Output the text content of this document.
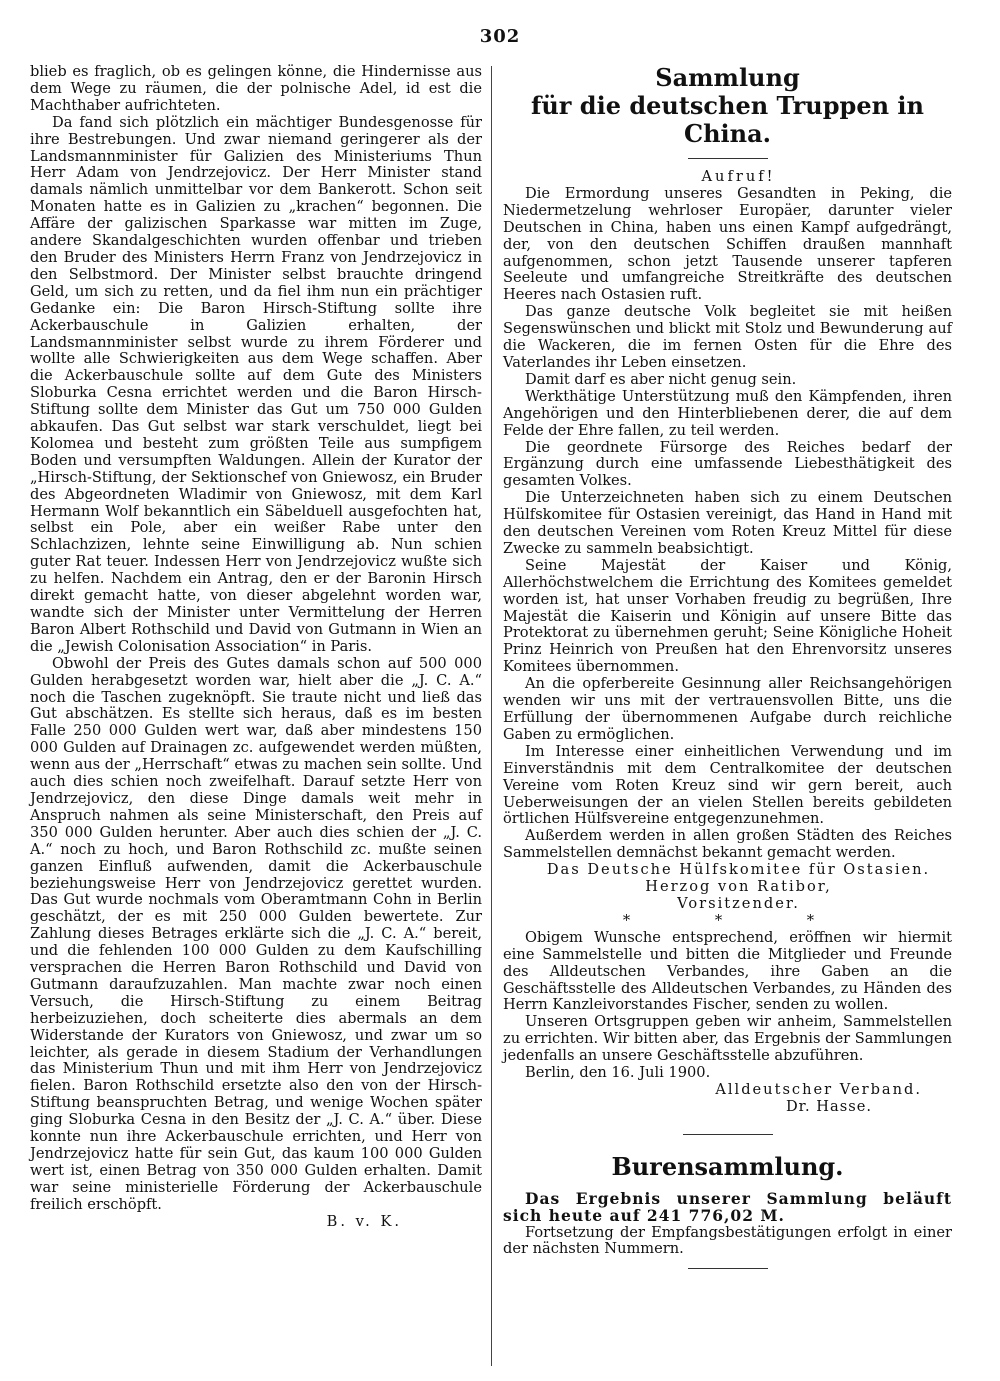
302

blieb es fraglich, ob es gelingen könne, die Hindernisse aus dem Wege zu räumen, die der polnische Adel, id est die Machthaber aufrichteten.

Da fand sich plötzlich ein mächtiger Bundesgenosse für ihre Bestrebungen. Und zwar niemand geringerer als der Landsmannminister für Galizien des Ministeriums Thun Herr Adam von Jendrzejovicz. Der Herr Minister stand damals nämlich unmittelbar vor dem Bankerott. Schon seit Monaten hatte es in Galizien zu „krachen“ begonnen. Die Affäre der galizischen Sparkasse war mitten im Zuge, andere Skandalgeschichten wurden offenbar und trieben den Bruder des Ministers Herrn Franz von Jendrzejovicz in den Selbstmord. Der Minister selbst brauchte dringend Geld, um sich zu retten, und da fiel ihm nun ein prächtiger Gedanke ein: Die Baron Hirsch-Stiftung sollte ihre Ackerbauschule in Galizien erhalten, der Landsmannminister selbst wurde zu ihrem Förderer und wollte alle Schwierigkeiten aus dem Wege schaffen. Aber die Ackerbauschule sollte auf dem Gute des Ministers Sloburka Cesna errichtet werden und die Baron Hirsch-Stiftung sollte dem Minister das Gut um 750 000 Gulden abkaufen. Das Gut selbst war stark verschuldet, liegt bei Kolomea und besteht zum größten Teile aus sumpfigem Boden und versumpften Waldungen. Allein der Kurator der „Hirsch-Stiftung, der Sektionschef von Gniewosz, ein Bruder des Abgeordneten Wladimir von Gniewosz, mit dem Karl Hermann Wolf bekanntlich ein Säbelduell ausgefochten hat, selbst ein Pole, aber ein weißer Rabe unter den Schlachzizen, lehnte seine Einwilligung ab. Nun schien guter Rat teuer. Indessen Herr von Jendrzejovicz wußte sich zu helfen. Nachdem ein Antrag, den er der Baronin Hirsch direkt gemacht hatte, von dieser abgelehnt worden war, wandte sich der Minister unter Vermittelung der Herren Baron Albert Rothschild und David von Gutmann in Wien an die „Jewish Colonisation Association“ in Paris.

Obwohl der Preis des Gutes damals schon auf 500 000 Gulden herabgesetzt worden war, hielt aber die „J. C. A.“ noch die Taschen zugeknöpft. Sie traute nicht und ließ das Gut abschätzen. Es stellte sich heraus, daß es im besten Falle 250 000 Gulden wert war, daß aber mindestens 150 000 Gulden auf Drainagen zc. aufgewendet werden müßten, wenn aus der „Herrschaft“ etwas zu machen sein sollte. Und auch dies schien noch zweifelhaft. Darauf setzte Herr von Jendrzejovicz, den diese Dinge damals weit mehr in Anspruch nahmen als seine Ministerschaft, den Preis auf 350 000 Gulden herunter. Aber auch dies schien der „J. C. A.“ noch zu hoch, und Baron Rothschild zc. mußte seinen ganzen Einfluß aufwenden, damit die Ackerbauschule beziehungsweise Herr von Jendrzejovicz gerettet wurden. Das Gut wurde nochmals vom Oberamtmann Cohn in Berlin geschätzt, der es mit 250 000 Gulden bewertete. Zur Zahlung dieses Betrages erklärte sich die „J. C. A.“ bereit, und die fehlenden 100 000 Gulden zu dem Kaufschilling versprachen die Herren Baron Rothschild und David von Gutmann daraufzuzahlen. Man machte zwar noch einen Versuch, die Hirsch-Stiftung zu einem Beitrag herbeizuziehen, doch scheiterte dies abermals an dem Widerstande der Kurators von Gniewosz, und zwar um so leichter, als gerade in diesem Stadium der Verhandlungen das Ministerium Thun und mit ihm Herr von Jendrzejovicz fielen. Baron Rothschild ersetzte also den von der Hirsch-Stiftung beanspruchten Betrag, und wenige Wochen später ging Sloburka Cesna in den Besitz der „J. C. A.“ über. Diese konnte nun ihre Ackerbauschule errichten, und Herr von Jendrzejovicz hatte für sein Gut, das kaum 100 000 Gulden wert ist, einen Betrag von 350 000 Gulden erhalten. Damit war seine ministerielle Förderung der Ackerbauschule freilich erschöpft.

B. v. K.

Sammlung
für die deutschen Truppen in China.

Aufruf!

Die Ermordung unseres Gesandten in Peking, die Niedermetzelung wehrloser Europäer, darunter vieler Deutschen in China, haben uns einen Kampf aufgedrängt, der, von den deutschen Schiffen draußen mannhaft aufgenommen, schon jetzt Tausende unserer tapferen Seeleute und umfangreiche Streitkräfte des deutschen Heeres nach Ostasien ruft.

Das ganze deutsche Volk begleitet sie mit heißen Segenswünschen und blickt mit Stolz und Bewunderung auf die Wackeren, die im fernen Osten für die Ehre des Vaterlandes ihr Leben einsetzen.

Damit darf es aber nicht genug sein.

Werkthätige Unterstützung muß den Kämpfenden, ihren Angehörigen und den Hinterbliebenen derer, die auf dem Felde der Ehre fallen, zu teil werden.

Die geordnete Fürsorge des Reiches bedarf der Ergänzung durch eine umfassende Liebesthätigkeit des gesamten Volkes.

Die Unterzeichneten haben sich zu einem Deutschen Hülfskomitee für Ostasien vereinigt, das Hand in Hand mit den deutschen Vereinen vom Roten Kreuz Mittel für diese Zwecke zu sammeln beabsichtigt.

Seine Majestät der Kaiser und König, Allerhöchstwelchem die Errichtung des Komitees gemeldet worden ist, hat unser Vorhaben freudig zu begrüßen, Ihre Majestät die Kaiserin und Königin auf unsere Bitte das Protektorat zu übernehmen geruht; Seine Königliche Hoheit Prinz Heinrich von Preußen hat den Ehrenvorsitz unseres Komitees übernommen.

An die opferbereite Gesinnung aller Reichsangehörigen wenden wir uns mit der vertrauensvollen Bitte, uns die Erfüllung der übernommenen Aufgabe durch reichliche Gaben zu ermöglichen.

Im Interesse einer einheitlichen Verwendung und im Einverständnis mit dem Centralkomitee der deutschen Vereine vom Roten Kreuz sind wir gern bereit, auch Ueberweisungen der an vielen Stellen bereits gebildeten örtlichen Hülfsvereine entgegenzunehmen.

Außerdem werden in allen großen Städten des Reiches Sammelstellen demnächst bekannt gemacht werden.

Das Deutsche Hülfskomitee für Ostasien.

Herzog von Ratibor,

Vorsitzender.

* * *

Obigem Wunsche entsprechend, eröffnen wir hiermit eine Sammelstelle und bitten die Mitglieder und Freunde des Alldeutschen Verbandes, ihre Gaben an die Geschäftsstelle des Alldeutschen Verbandes, zu Händen des Herrn Kanzleivorstandes Fischer, senden zu wollen.

Unseren Ortsgruppen geben wir anheim, Sammelstellen zu errichten. Wir bitten aber, das Ergebnis der Sammlungen jedenfalls an unsere Geschäftsstelle abzuführen.

Berlin, den 16. Juli 1900.

Alldeutscher Verband.

Dr. Hasse.

Burensammlung.

Das Ergebnis unserer Sammlung beläuft sich heute auf 241 776,02 M.

Fortsetzung der Empfangsbestätigungen erfolgt in einer der nächsten Nummern.
